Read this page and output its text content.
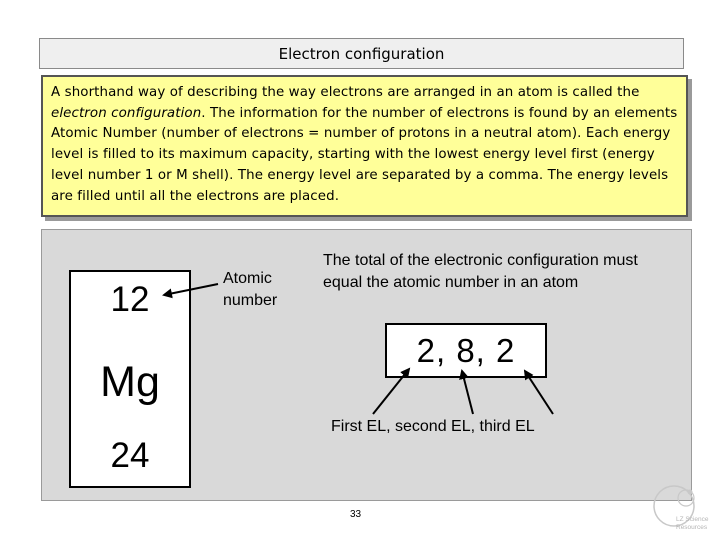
Electron configuration
A shorthand way of describing the way electrons are arranged in an atom is called the electron configuration. The information for the number of electrons is found by an elements Atomic Number (number of electrons = number of protons in a neutral atom). Each energy level is filled to its maximum capacity, starting with the lowest energy level first (energy level number 1 or M shell). The energy level are separated by a comma. The energy levels are filled until all the electrons are placed.
12
Mg
24
Atomic number
The total of the electronic configuration must equal the atomic number in an atom
2, 8, 2
First EL, second EL, third EL
33	LZ Science
Resources
